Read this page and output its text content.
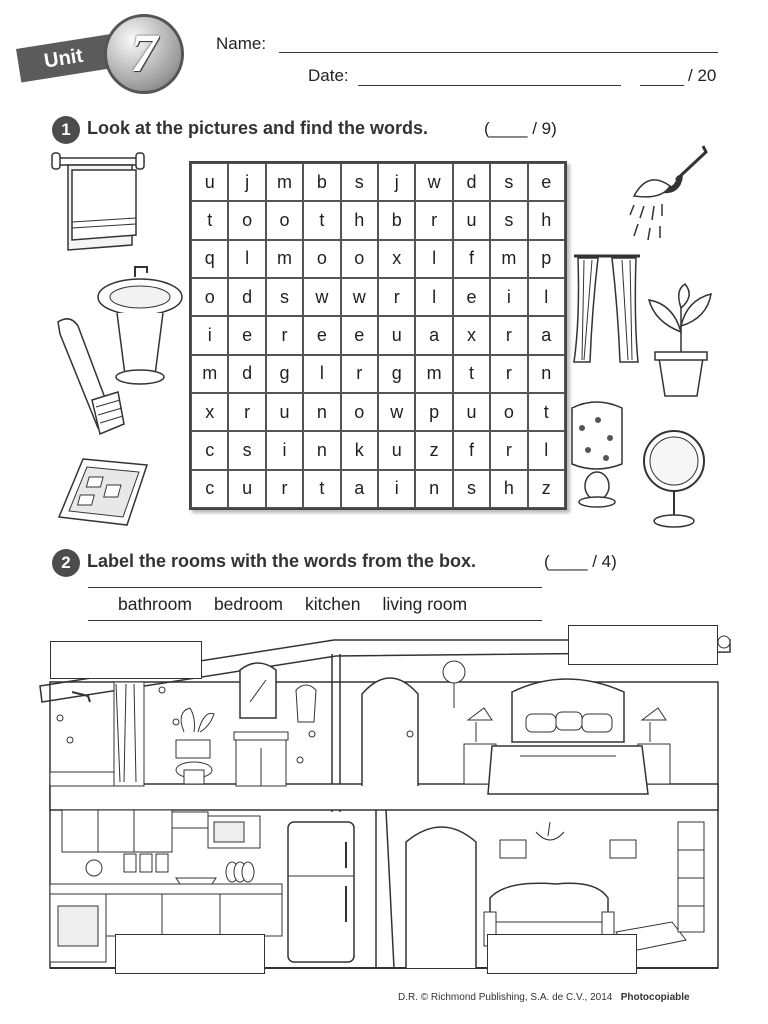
Unit 7	Name:
Date:	/ 20
1 Look at the pictures and find the words.	(____ / 9)
u	j	m	b	s	j	w	d	s	e
t	o	o	t	h	b	r	u	s	h
q	l	m	o	o	x	l	f	m	p
o	d	s	w	w	r	l	e	i	l
i	e	r	e	e	u	a	x	r	a
m	d	g	l	r	g	m	t	r	n
x	r	u	n	o	w	p	u	o	t
c	s	i	n	k	u	z	f	r	l
c	u	r	t	a	i	n	s	h	z
2 Label the rooms with the words from the box.	(____ / 4)
bathroom bedroom kitchen living room
D.R. © Richmond Publishing, S.A. de C.V., 2014 Photocopiable
